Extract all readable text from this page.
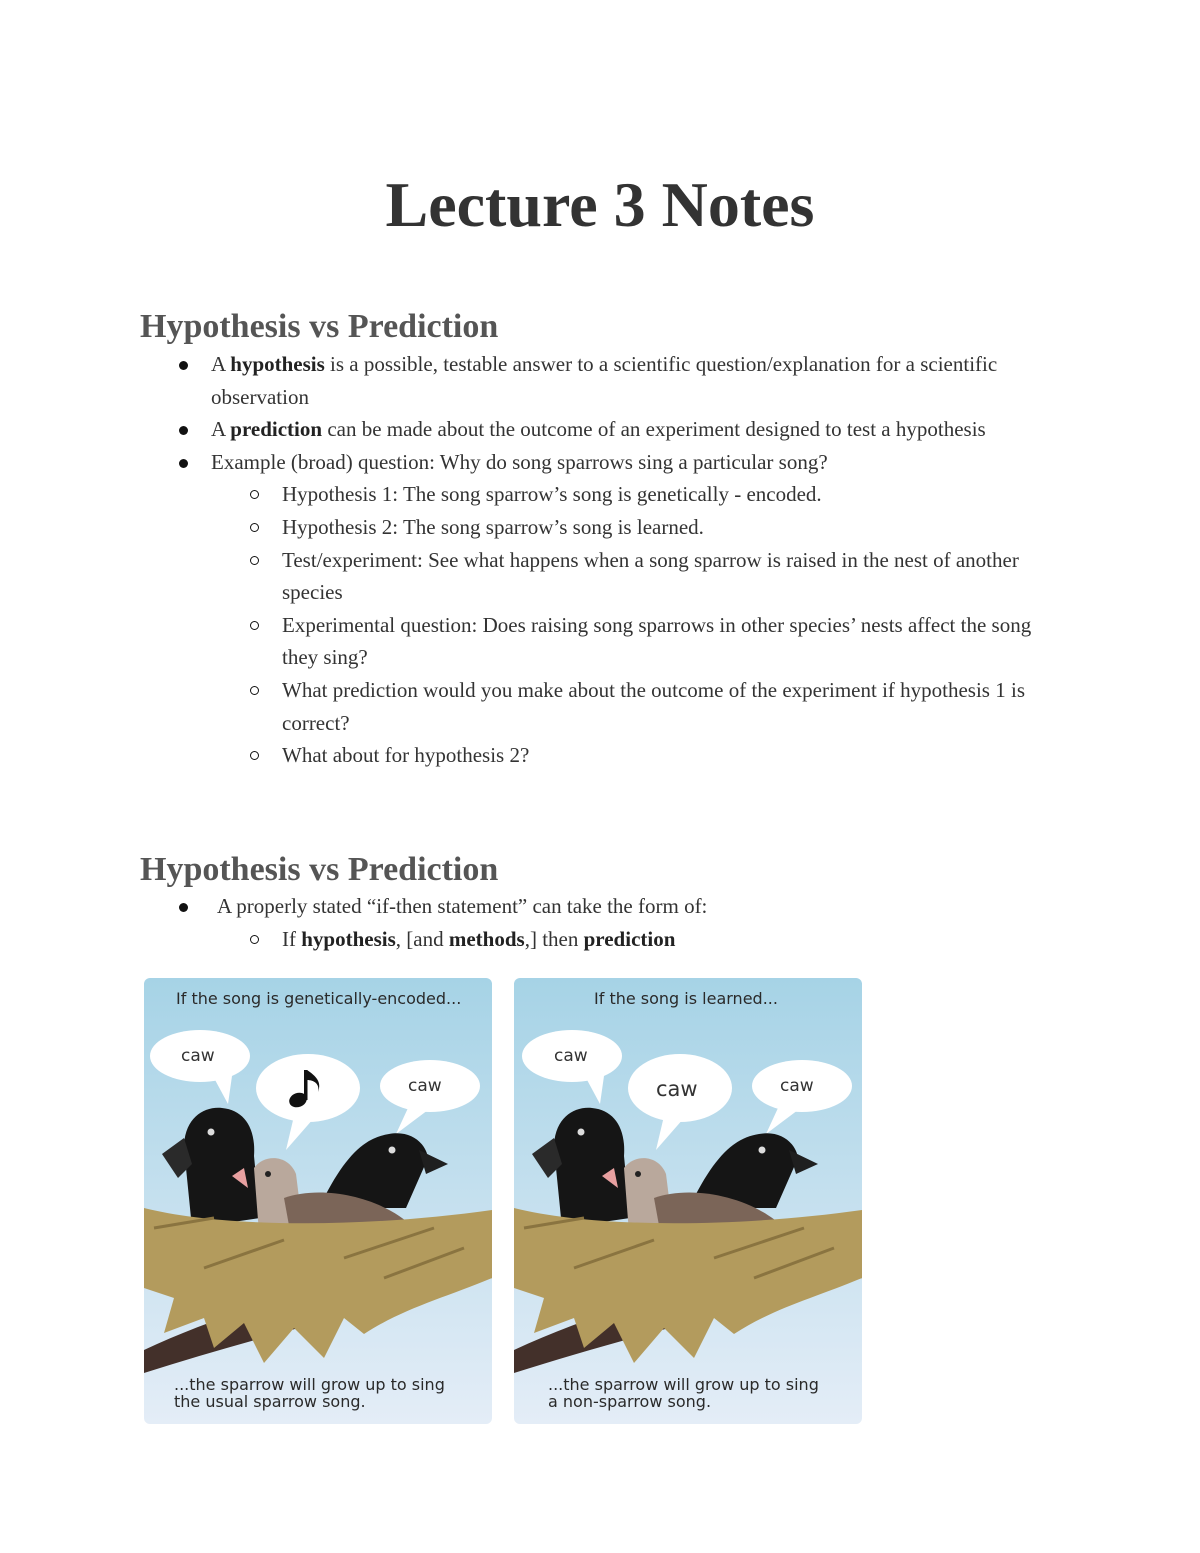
Lecture 3 Notes
Hypothesis vs Prediction
A hypothesis is a possible, testable answer to a scientific question/explanation for a scientific observation
A prediction can be made about the outcome of an experiment designed to test a hypothesis
Example (broad) question: Why do song sparrows sing a particular song?
Hypothesis 1: The song sparrow’s song is genetically - encoded.
Hypothesis 2: The song sparrow’s song is learned.
Test/experiment: See what happens when a song sparrow is raised in the nest of another species
Experimental question: Does raising song sparrows in other species’ nests affect the song they sing?
What prediction would you make about the outcome of the experiment if hypothesis 1 is correct?
What about for hypothesis 2?
Hypothesis vs Prediction
A properly stated “if-then statement” can take the form of:
If hypothesis, [and methods,] then prediction
If the song is genetically-encoded...
caw
caw
...the sparrow will grow up to sing
the usual sparrow song.
If the song is learned...
caw
caw	caw
...the sparrow will grow up to sing
a non-sparrow song.
